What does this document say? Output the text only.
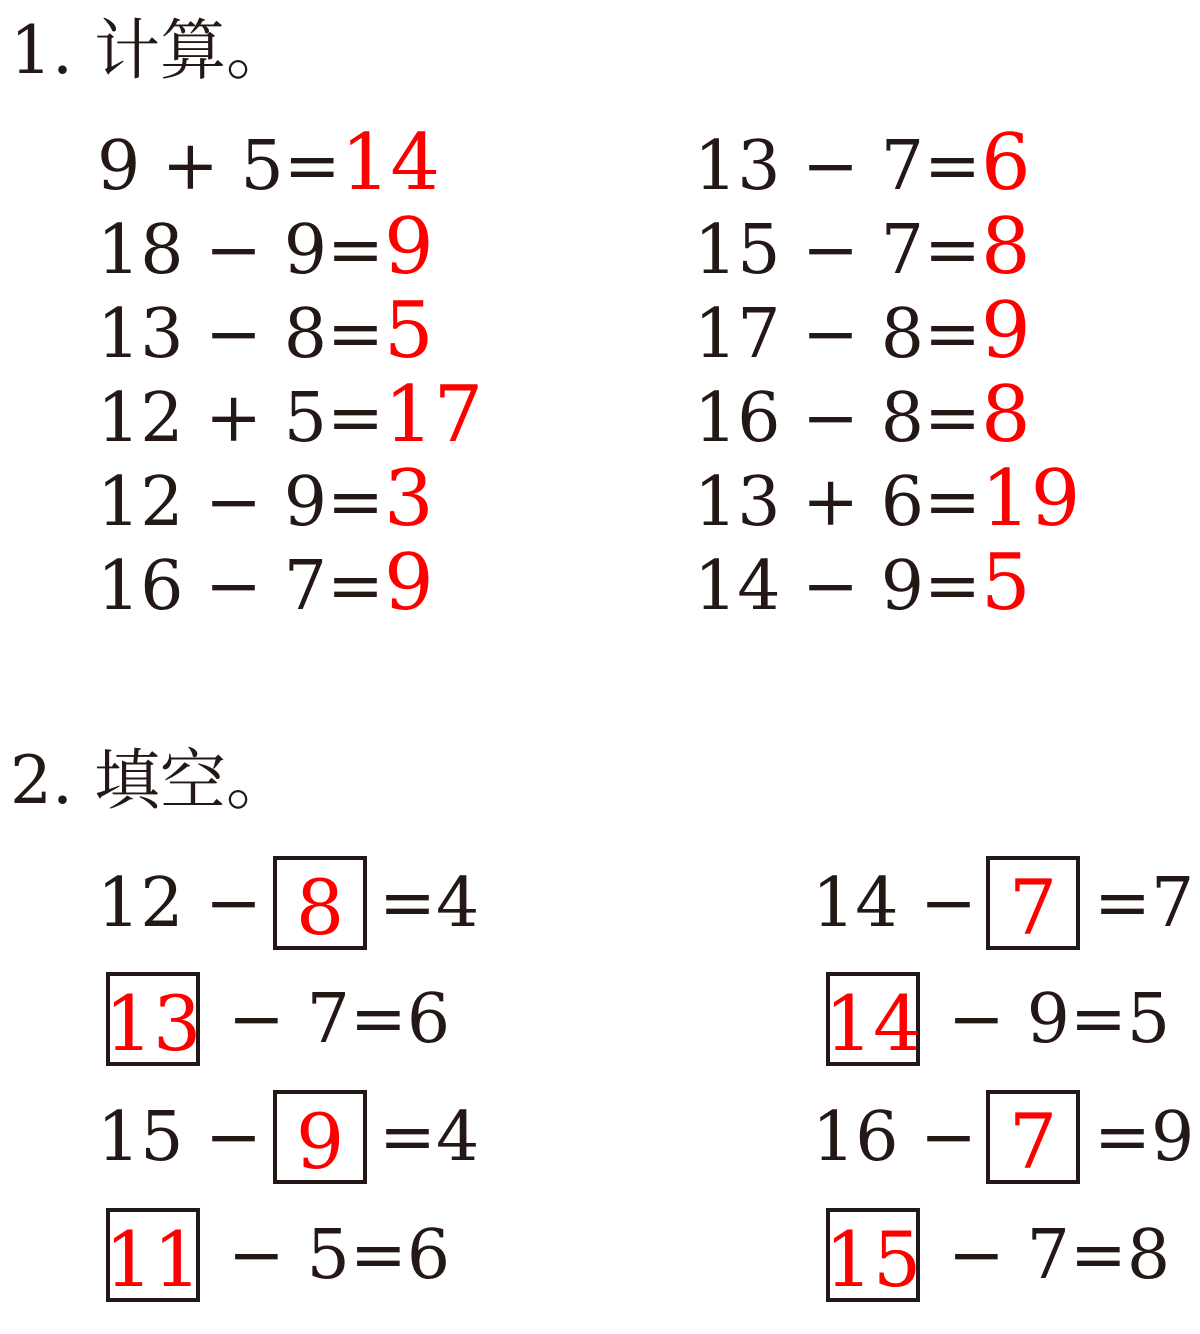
1. 计算。
9 + 5=14
18 − 9=9
13 − 8=5
12 + 5=17
12 − 9=3
16 − 7=9
13 − 7=6
15 − 7=8
17 − 8=9
16 − 8=8
13 + 6=19
14 − 9=5
2. 填空。
12 − 8 =4
13 − 7=6
15 − 9 =4
11 − 5=6
14 − 7 =7
14 − 9=5
16 − 7 =9
15 − 7=8
